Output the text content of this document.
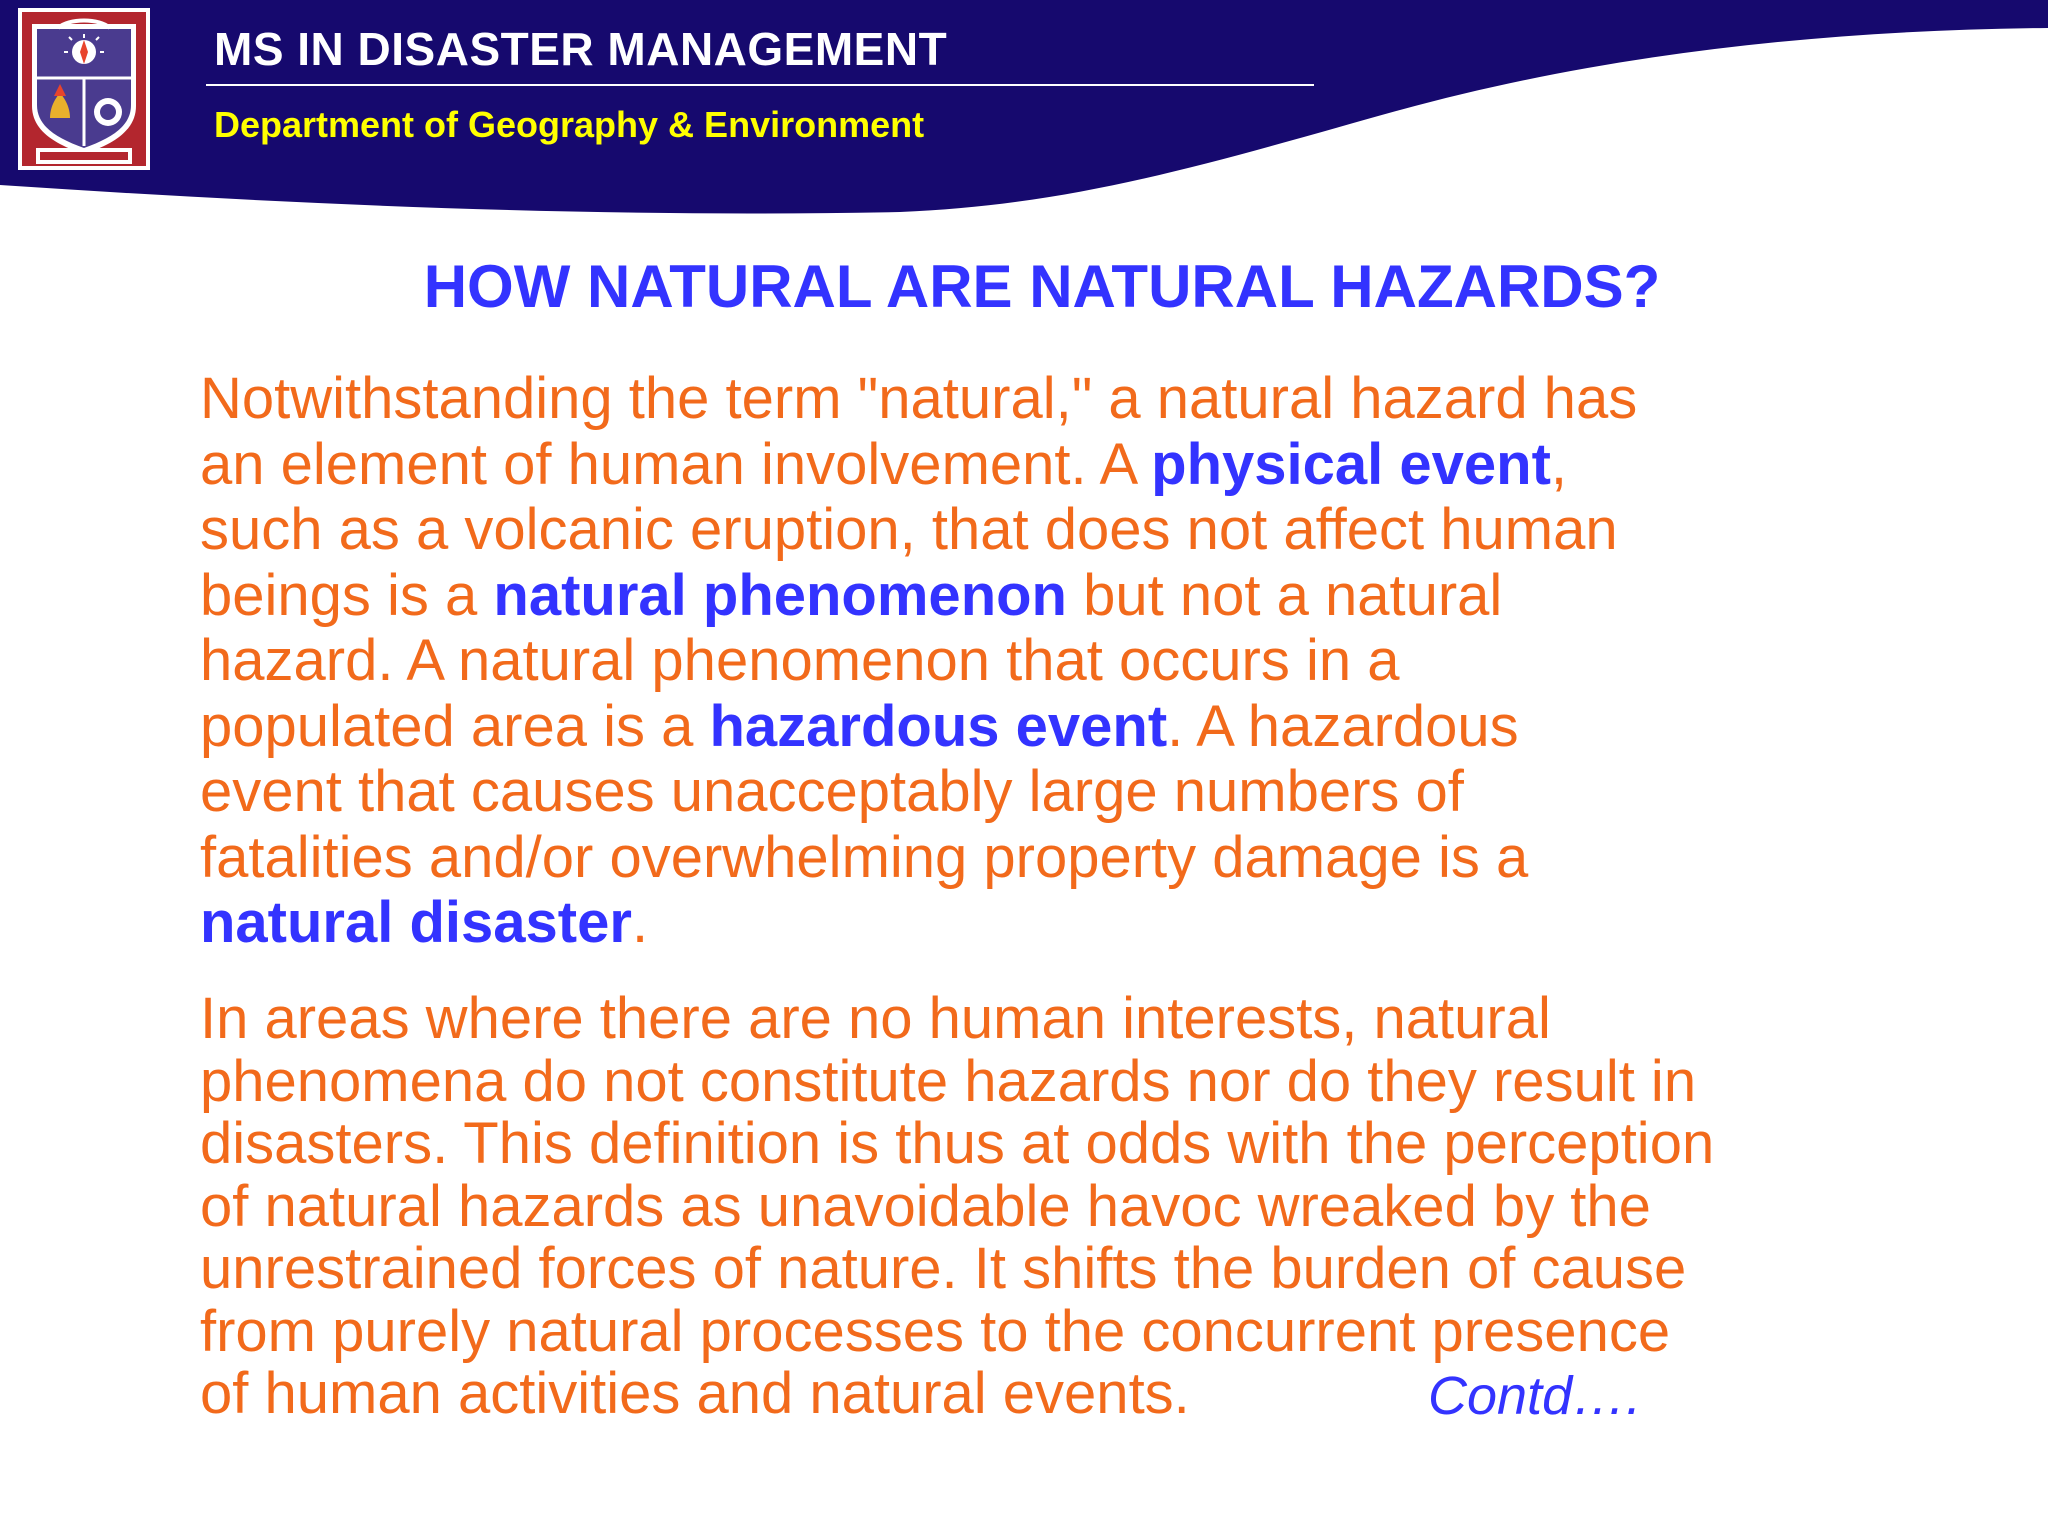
MS IN DISASTER MANAGEMENT
Department of Geography & Environment
HOW NATURAL ARE NATURAL HAZARDS?
Notwithstanding the term "natural," a natural hazard has
an element of human involvement. A physical event,
such as a volcanic eruption, that does not affect human
beings is a natural phenomenon but not a natural
hazard. A natural phenomenon that occurs in a
populated area is a hazardous event. A hazardous
event that causes unacceptably large numbers of
fatalities and/or overwhelming property damage is a
natural disaster.
In areas where there are no human interests, natural
phenomena do not constitute hazards nor do they result in
disasters. This definition is thus at odds with the perception
of natural hazards as unavoidable havoc wreaked by the
unrestrained forces of nature. It shifts the burden of cause
from purely natural processes to the concurrent presence
of human activities and natural events.	Contd….
